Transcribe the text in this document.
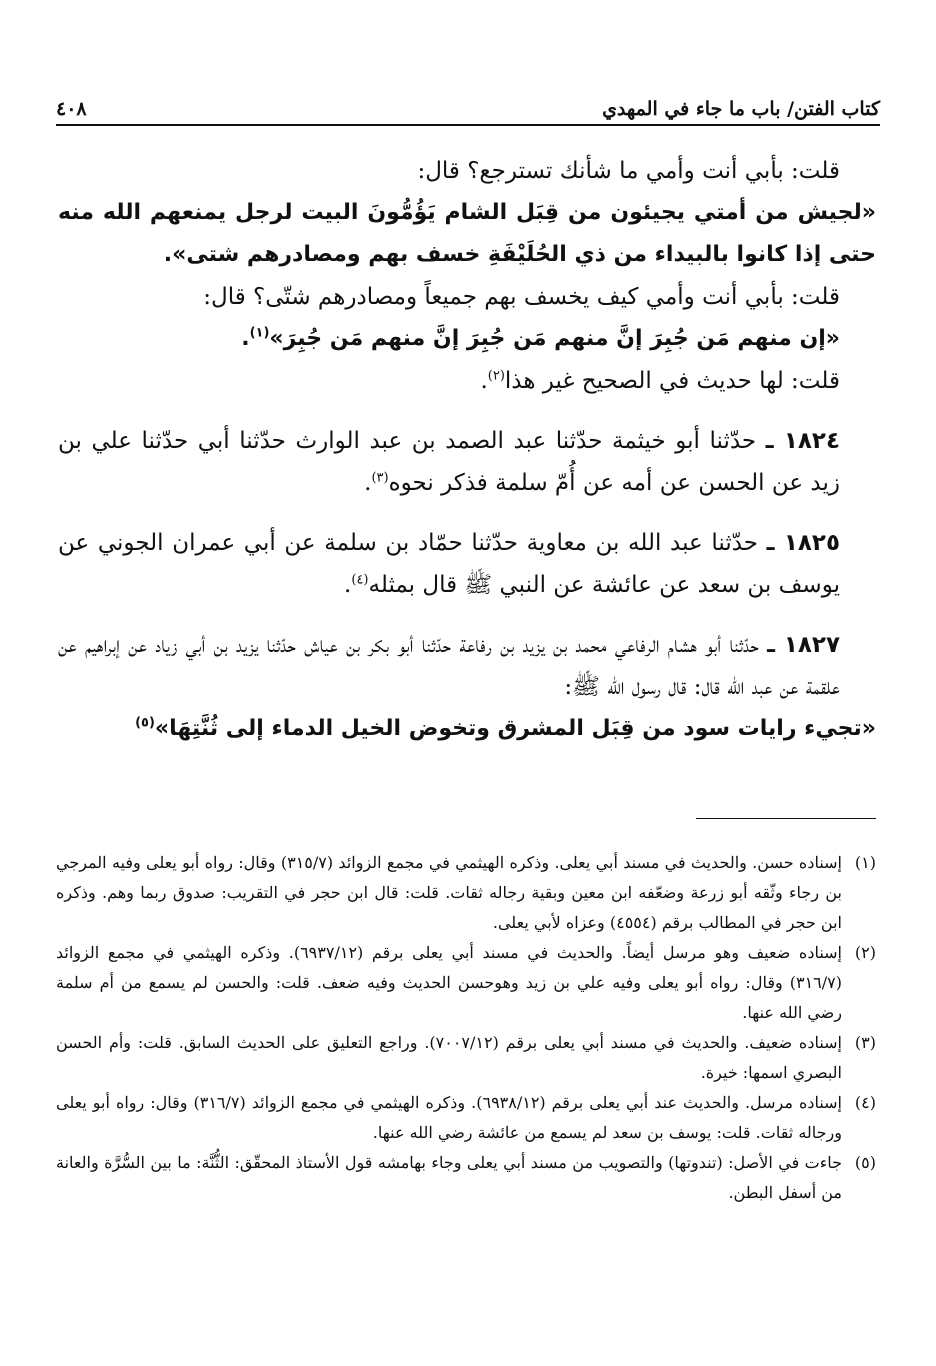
كتاب الفتن/ باب ما جاء في المهدي
٤٠٨

قلت: بأبي أنت وأمي ما شأنك تسترجع؟ قال:

«لجيش من أمتي يجيئون من قِبَل الشام يَؤُمُّونَ البيت لرجل يمنعهم الله منه حتى إذا كانوا بالبيداء من ذي الحُلَيْفَةِ خسف بهم ومصادرهم شتى».

قلت: بأبي أنت وأمي كيف يخسف بهم جميعاً ومصادرهم شتّى؟ قال:

«إن منهم مَن جُبِرَ إنَّ منهم مَن جُبِرَ إنَّ منهم مَن جُبِرَ»$^{(١)}$.

قلت: لها حديث في الصحيح غير هذا$^{(٢)}$.

١٨٢٤ ـ حدّثنا أبو خيثمة حدّثنا عبد الصمد بن عبد الوارث حدّثنا أبي حدّثنا علي بن زيد عن الحسن عن أمه عن أُمّ سلمة فذكر نحوه$^{(٣)}$.

١٨٢٥ ـ حدّثنا عبد الله بن معاوية حدّثنا حمّاد بن سلمة عن أبي عمران الجوني عن يوسف بن سعد عن عائشة عن النبي ﷺ قال بمثله$^{(٤)}$.

١٨٢٧ ـ حدّثنا أبو هشام الرفاعي محمد بن يزيد بن رفاعة حدّثنا أبو بكر بن عياش حدّثنا يزيد بن أبي زياد عن إبراهيم عن علقمة عن عبد الله قال: قال رسول الله ﷺ:

«تجيء رايات سود من قِبَل المشرق وتخوض الخيل الدماء إلى ثُنَّتِهَا»$^{(٥)}$

(١)
إسناده حسن. والحديث في مسند أبي يعلى. وذكره الهيثمي في مجمع الزوائد (٣١٥/٧) وقال: رواه أبو يعلى وفيه المرجي بن رجاء وثّقه أبو زرعة وضعّفه ابن معين وبقية رجاله ثقات. قلت: قال ابن حجر في التقريب: صدوق ربما وهم. وذكره ابن حجر في المطالب برقم (٤٥٥٤) وعزاه لأبي يعلى.
(٢)
إسناده ضعيف وهو مرسل أيضاً. والحديث في مسند أبي يعلى برقم (٦٩٣٧/١٢). وذكره الهيثمي في مجمع الزوائد (٣١٦/٧) وقال: رواه أبو يعلى وفيه علي بن زيد وهوحسن الحديث وفيه ضعف. قلت: والحسن لم يسمع من أم سلمة رضي الله عنها.
(٣)
إسناده ضعيف. والحديث في مسند أبي يعلى برقم (٧٠٠٧/١٢). وراجع التعليق على الحديث السابق. قلت: وأم الحسن البصري اسمها: خيرة.
(٤)
إسناده مرسل. والحديث عند أبي يعلى برقم (٦٩٣٨/١٢). وذكره الهيثمي في مجمع الزوائد (٣١٦/٧) وقال: رواه أبو يعلى ورجاله ثقات. قلت: يوسف بن سعد لم يسمع من عائشة رضي الله عنها.
(٥)
جاءت في الأصل: (تندوتها) والتصويب من مسند أبي يعلى وجاء بهامشه قول الأستاذ المحقّق: الثُّنَّة: ما بين السُّرَّة والعانة من أسفل البطن.
